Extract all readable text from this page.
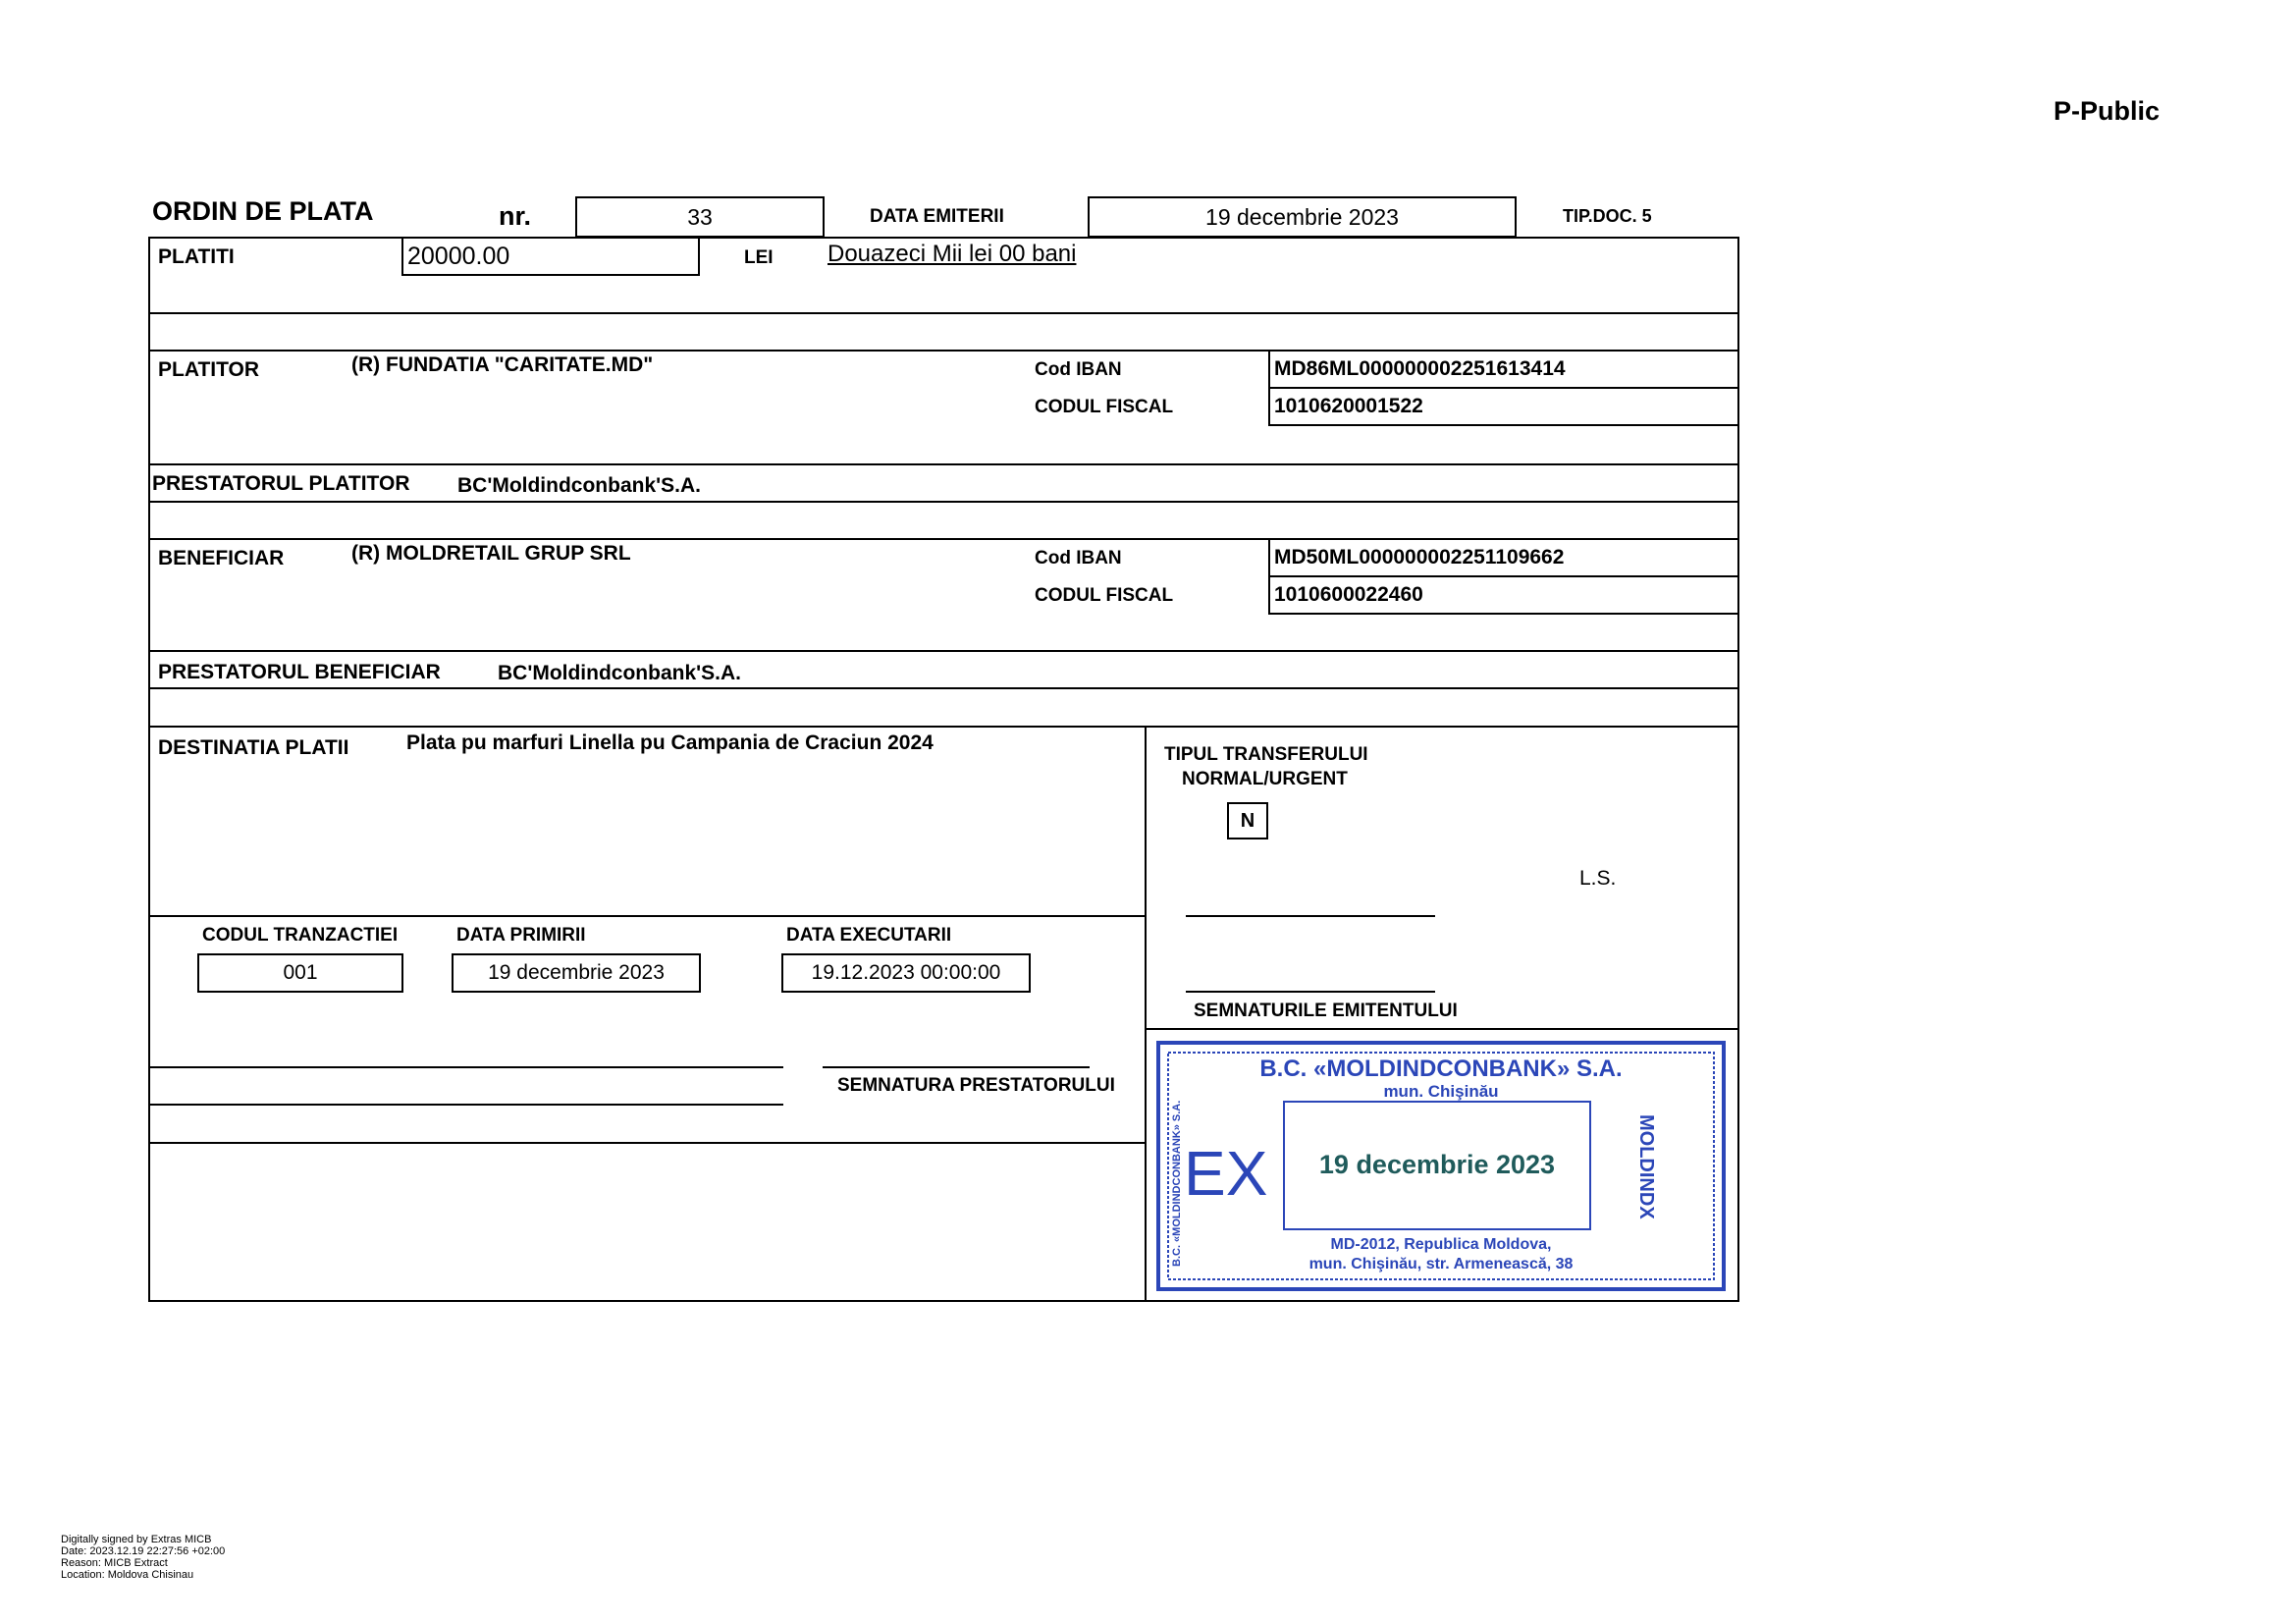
P-Public
ORDIN DE PLATA	nr.	33	DATA EMITERII	19 decembrie 2023	TIP.DOC. 5
PLATITI	20000.00	LEI Douazeci Mii lei 00 bani
PLATITOR	(R) FUNDATIA "CARITATE.MD"	Cod IBAN	MD86ML000000002251613414
CODUL FISCAL	1010620001522
PRESTATORUL PLATITOR BC'Moldindconbank'S.A.
BENEFICIAR	(R) MOLDRETAIL GRUP SRL	Cod IBAN	MD50ML000000002251109662
CODUL FISCAL	1010600022460
PRESTATORUL BENEFICIAR	BC'Moldindconbank'S.A.
DESTINATIA PLATII	Plata pu marfuri Linella pu Campania de Craciun 2024
TIPUL TRANSFERULUI
NORMAL/URGENT
N
L.S.
SEMNATURILE EMITENTULUI
CODUL TRANZACTIEI
001
DATA PRIMIRII
19 decembrie 2023
DATA EXECUTARII
19.12.2023 00:00:00
SEMNATURA PRESTATORULUI
B.C. «MOLDINDCONBANK» S.A.
mun. Chişinău
EX 19 decembrie 2023
MD-2012, Republica Moldova,
mun. Chişinău, str. Armenească, 38
B.C. «MOLDINDCONBANK» S.A.	MOLDINDX
Digitally signed by Extras MICB
Date: 2023.12.19 22:27:56 +02:00
Reason: MICB Extract
Location: Moldova Chisinau
